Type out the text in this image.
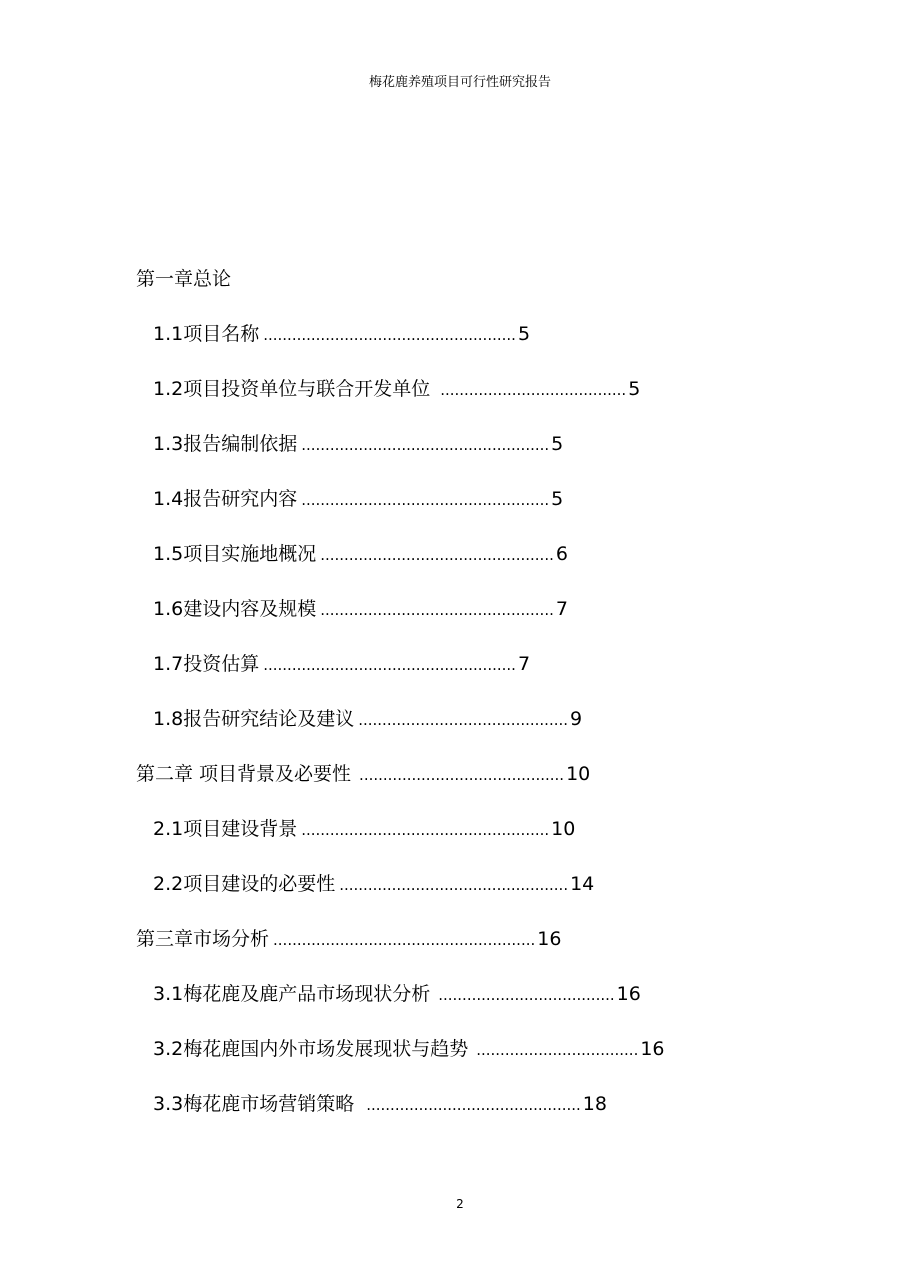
梅花鹿养殖项目可行性研究报告
第一章总论
1.1项目名称 ..................................................... 5
1.2项目投资单位与联合开发单位 ....................................... 5
1.3报告编制依据 .................................................... 5
1.4报告研究内容 .................................................... 5
1.5项目实施地概况 ................................................. 6
1.6建设内容及规模 ................................................. 7
1.7投资估算 ..................................................... 7
1.8报告研究结论及建议 ............................................ 9
第二章 项目背景及必要性 ........................................... 10
2.1项目建设背景 .................................................... 10
2.2项目建设的必要性 ................................................ 14
第三章市场分析 ....................................................... 16
3.1梅花鹿及鹿产品市场现状分析 ..................................... 16
3.2梅花鹿国内外市场发展现状与趋势 .................................. 16
3.3梅花鹿市场营销策略 ............................................. 18
2
